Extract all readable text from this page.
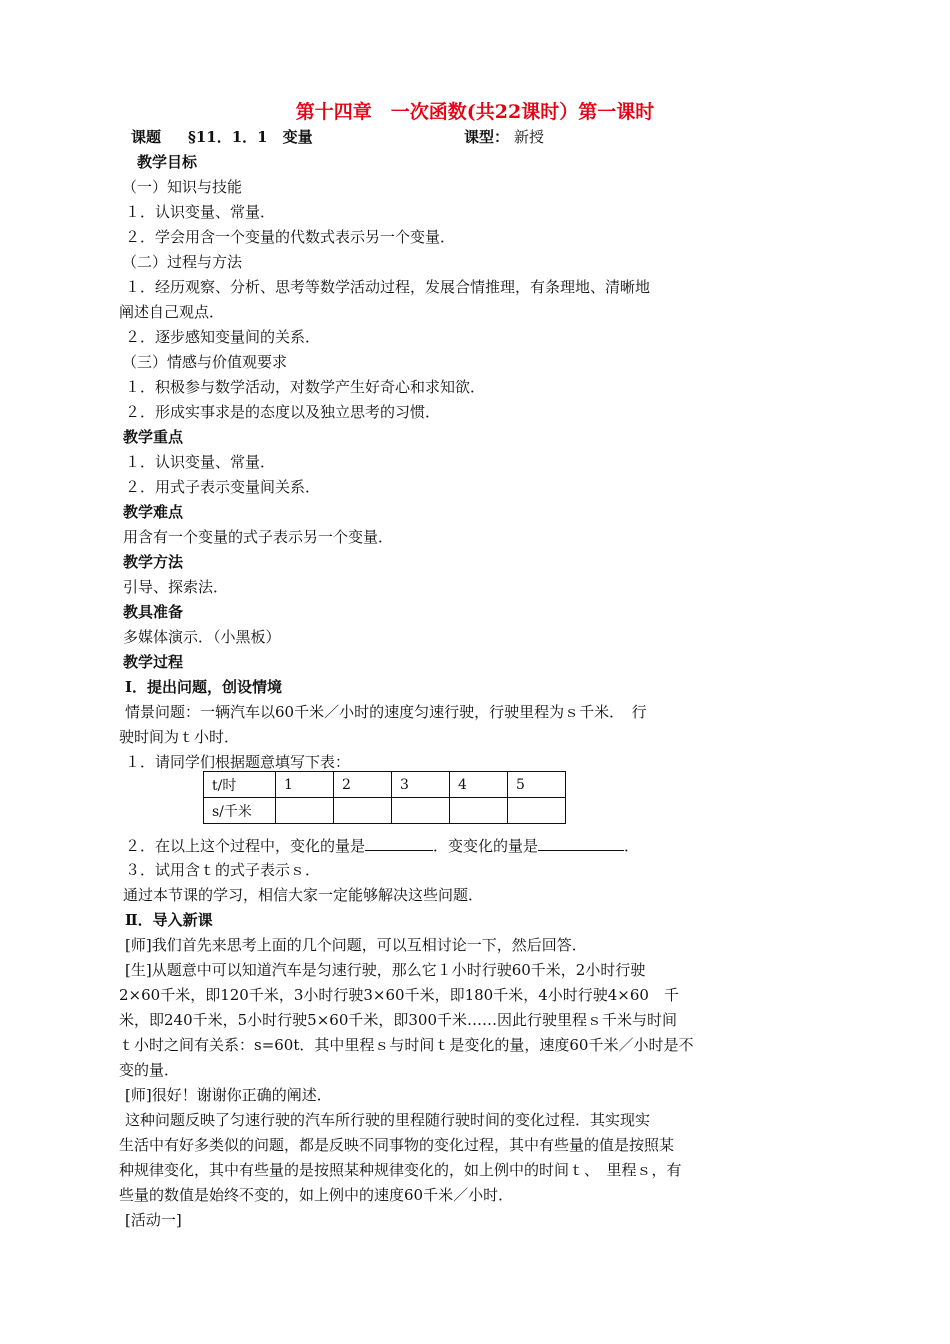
第十四章　一次函数(共22课时）第一课时
课题 §11．1．1　变量	课型： 新授
教学目标
（一）知识与技能
１．认识变量、常量．
２．学会用含一个变量的代数式表示另一个变量．
（二）过程与方法
１．经历观察、分析、思考等数学活动过程，发展合情推理，有条理地、清晰地
阐述自己观点．
２．逐步感知变量间的关系．
（三）情感与价值观要求
１．积极参与数学活动，对数学产生好奇心和求知欲．
２．形成实事求是的态度以及独立思考的习惯．
教学重点
１．认识变量、常量．
２．用式子表示变量间关系．
教学难点
用含有一个变量的式子表示另一个变量．
教学方法
引导、探索法．
教具准备
多媒体演示．（小黑板）
教学过程
Ⅰ．提出问题，创设情境
情景问题：一辆汽车以60千米／小时的速度匀速行驶，行驶里程为ｓ千米．　行
驶时间为ｔ小时．
１．请同学们根据题意填写下表：
t/时	1	2	3	4	5
s/千米					
２．在以上这个过程中，变化的量是	．变变化的量是	．
３．试用含ｔ的式子表示ｓ．
通过本节课的学习，相信大家一定能够解决这些问题．
Ⅱ．导入新课
[师]我们首先来思考上面的几个问题，可以互相讨论一下，然后回答．
[生]从题意中可以知道汽车是匀速行驶，那么它１小时行驶60千米，2小时行驶
2×60千米，即120千米，3小时行驶3×60千米，即180千米，4小时行驶4×60　千
米，即240千米，5小时行驶5×60千米，即300千米……因此行驶里程ｓ千米与时间
ｔ小时之间有关系：s=60t．其中里程ｓ与时间ｔ是变化的量，速度60千米／小时是不
变的量．
[师]很好！谢谢你正确的阐述．
这种问题反映了匀速行驶的汽车所行驶的里程随行驶时间的变化过程．其实现实
生活中有好多类似的问题，都是反映不同事物的变化过程，其中有些量的值是按照某
种规律变化，其中有些量的是按照某种规律变化的，如上例中的时间ｔ、　里程ｓ，有
些量的数值是始终不变的，如上例中的速度60千米／小时．
[活动一]
